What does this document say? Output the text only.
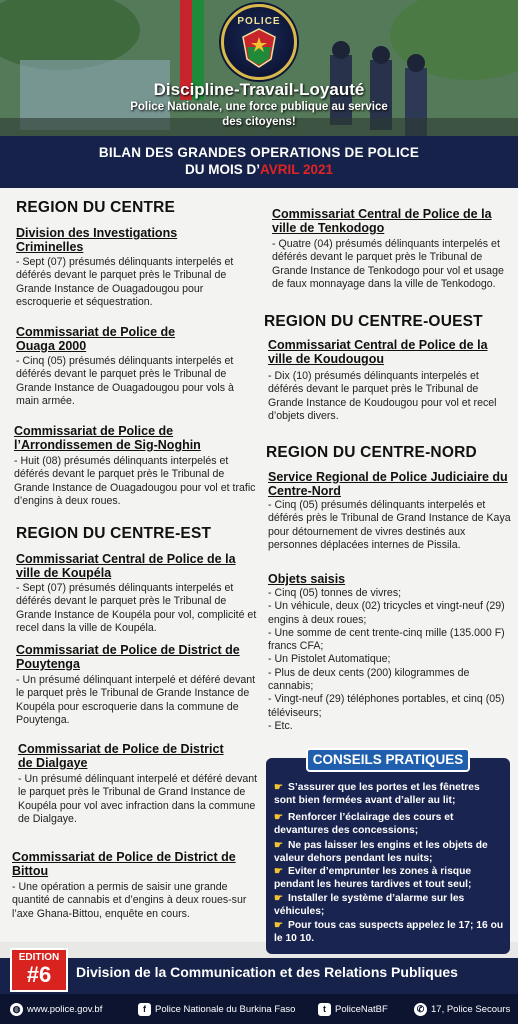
POLICE
Discipline-Travail-Loyauté
Police Nationale, une force publique au service des citoyens!
BILAN DES GRANDES OPERATIONS DE POLICE
DU MOIS D’AVRIL 2021
REGION DU CENTRE
Division des Investigations Criminelles
- Sept (07) présumés délinquants interpelés et déférés devant le parquet près le Tribunal de Grande Instance de Ouagadougou pour escroquerie et séquestration.
Commissariat de Police de Ouaga 2000
- Cinq (05) présumés délinquants interpelés et déférés devant le parquet près le Tribunal de Grande Instance de Ouagadougou pour vols à main armée.
Commissariat de Police de l’Arrondissemen de Sig-Noghin
- Huit (08) présumés délinquants interpelés et déférés devant le parquet près le Tribunal de Grande Instance de Ouagadougou pour vol et trafic d’engins à deux roues.
REGION DU CENTRE-EST
Commissariat Central de Police de la ville de Koupéla
- Sept (07) présumés délinquants interpelés et déférés devant le parquet près le Tribunal de Grande Instance de Koupéla pour vol, complicité et recel dans la ville de Koupéla.
Commissariat de Police de District de Pouytenga
- Un présumé délinquant interpelé et déféré devant le parquet près le Tribunal de Grande Instance de Koupéla pour escroquerie dans la commune de Pouytenga.
Commissariat de Police de District de Dialgaye
- Un présumé délinquant interpelé et déféré devant le parquet près le Tribunal de Grand Instance de Koupéla pour vol avec infraction dans la commune de Dialgaye.
Commissariat de Police de District de Bittou
- Une opération a permis de saisir une grande quantité de cannabis et d’engins à deux roues-sur l’axe Ghana-Bittou, enquête en cours.
Commissariat Central de Police de la ville de Tenkodogo
- Quatre (04) présumés délinquants interpelés et déférés devant le parquet près le Tribunal de Grande Instance de Tenkodogo pour vol et usage de faux monnayage dans la ville de Tenkodogo.
REGION DU CENTRE-OUEST
Commissariat Central de Police de la ville de Koudougou
- Dix (10) présumés délinquants interpelés et déférés devant le parquet près le Tribunal de Grande Instance de Koudougou pour vol et recel d’objets divers.
REGION DU CENTRE-NORD
Service Regional de Police Judiciaire du Centre-Nord
- Cinq (05) présumés délinquants interpelés et déférés près le Tribunal de Grand Instance de Kaya pour détournement de vivres destinés aux personnes déplacées internes de Pissila.
Objets saisis
- Cinq (05) tonnes de vivres;
- Un véhicule, deux (02) tricycles et vingt-neuf (29) engins à deux roues;
- Une somme de cent trente-cinq mille (135.000 F) francs CFA;
- Un Pistolet Automatique;
- Plus de deux cents (200) kilogrammes de cannabis;
- Vingt-neuf (29) téléphones portables, et cinq (05) téléviseurs;
- Etc.
CONSEILS PRATIQUES
☛ S’assurer que les portes et les fênetres sont bien fermées avant d’aller au lit;
☛ Renforcer l’éclairage des cours et devantures des concessions;
☛ Ne pas laisser les engins et les objets de valeur dehors pendant les nuits;
☛ Eviter d’emprunter les zones à risque pendant les heures tardives et tout seul;
☛ Installer le système d’alarme sur les véhicules;
☛ Pour tous cas suspects appelez le 17; 16 ou le 10 10.
EDITION
#6	Division de la Communication et des Relations Publiques
◍ www.police.gov.bf	f Police Nationale du Burkina Faso	t PoliceNatBF	✆ 17, Police Secours
